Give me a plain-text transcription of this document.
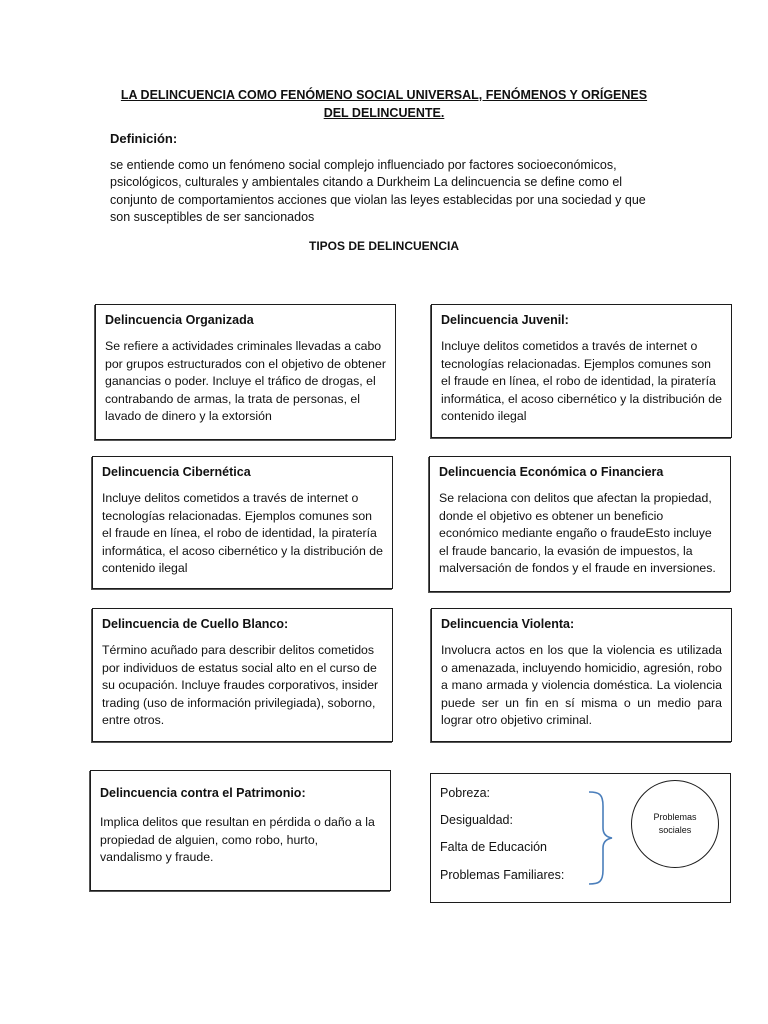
LA DELINCUENCIA COMO FENÓMENO SOCIAL UNIVERSAL, FENÓMENOS Y ORÍGENES DEL DELINCUENTE.

Definición:

se entiende como un fenómeno social complejo influenciado por factores socioeconómicos, psicológicos, culturales y ambientales citando a Durkheim La delincuencia se define como el conjunto de comportamientos acciones que violan las leyes establecidas por una sociedad y que son susceptibles de ser sancionados

TIPOS DE DELINCUENCIA

Delincuencia Organizada

Se refiere a actividades criminales llevadas a cabo por grupos estructurados con el objetivo de obtener ganancias o poder. Incluye el tráfico de drogas, el contrabando de armas, la trata de personas, el lavado de dinero y la extorsión

Delincuencia Juvenil:

Incluye delitos cometidos a través de internet o tecnologías relacionadas. Ejemplos comunes son el fraude en línea, el robo de identidad, la piratería informática, el acoso cibernético y la distribución de contenido ilegal

Delincuencia Cibernética

Incluye delitos cometidos a través de internet o tecnologías relacionadas. Ejemplos comunes son el fraude en línea, el robo de identidad, la piratería informática, el acoso cibernético y la distribución de contenido ilegal

Delincuencia Económica o Financiera

Se relaciona con delitos que afectan la propiedad, donde el objetivo es obtener un beneficio económico mediante engaño o fraudeEsto incluye el fraude bancario, la evasión de impuestos, la malversación de fondos y el fraude en inversiones.

Delincuencia de Cuello Blanco:

Término acuñado para describir delitos cometidos por individuos de estatus social alto en el curso de su ocupación. Incluye fraudes corporativos, insider trading (uso de información privilegiada), soborno, entre otros.

Delincuencia Violenta:

Involucra actos en los que la violencia es utilizada o amenazada, incluyendo homicidio, agresión, robo a mano armada y violencia doméstica. La violencia puede ser un fin en sí misma o un medio para lograr otro objetivo criminal.

Delincuencia contra el Patrimonio:

Implica delitos que resultan en pérdida o daño a la propiedad de alguien, como robo, hurto, vandalismo y fraude.

Pobreza:

Desigualdad:

Falta de Educación

Problemas Familiares:

Problemas sociales
